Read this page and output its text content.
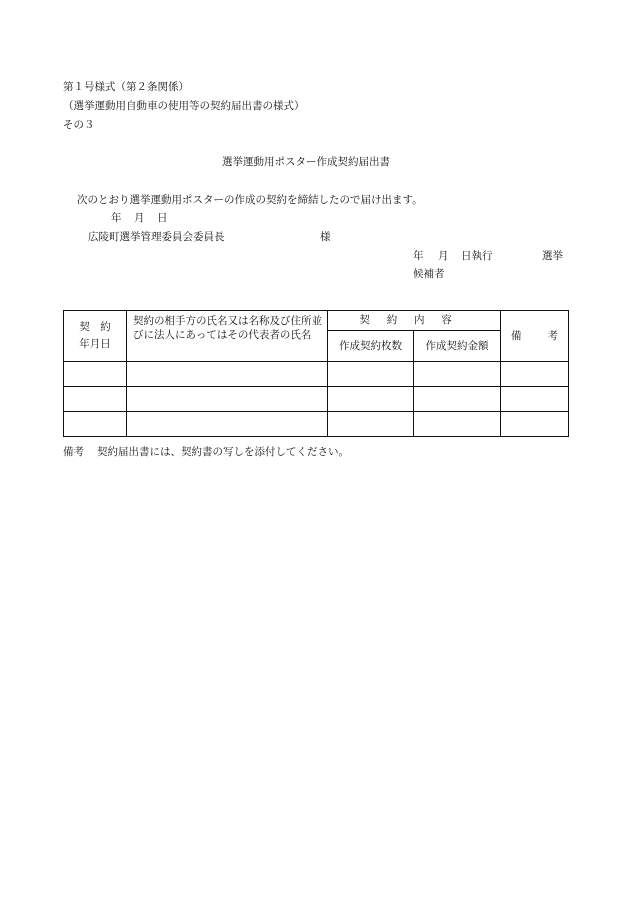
第１号様式（第２条関係）
（選挙運動用自動車の使用等の契約届出書の様式）
その３
選挙運動用ポスター作成契約届出書
次のとおり選挙運動用ポスターの作成の契約を締結したので届け出ます。
年 月 日
広陵町選挙管理委員会委員長	様
年 月 日執行	選挙
候補者
契　約
年月日	契約の相手方の氏名又は名称及び住所並びに法人にあってはその代表者の氏名	契約内容		備 考
		作成契約枚数	作成契約金額	

備考 契約届出書には、契約書の写しを添付してください。
